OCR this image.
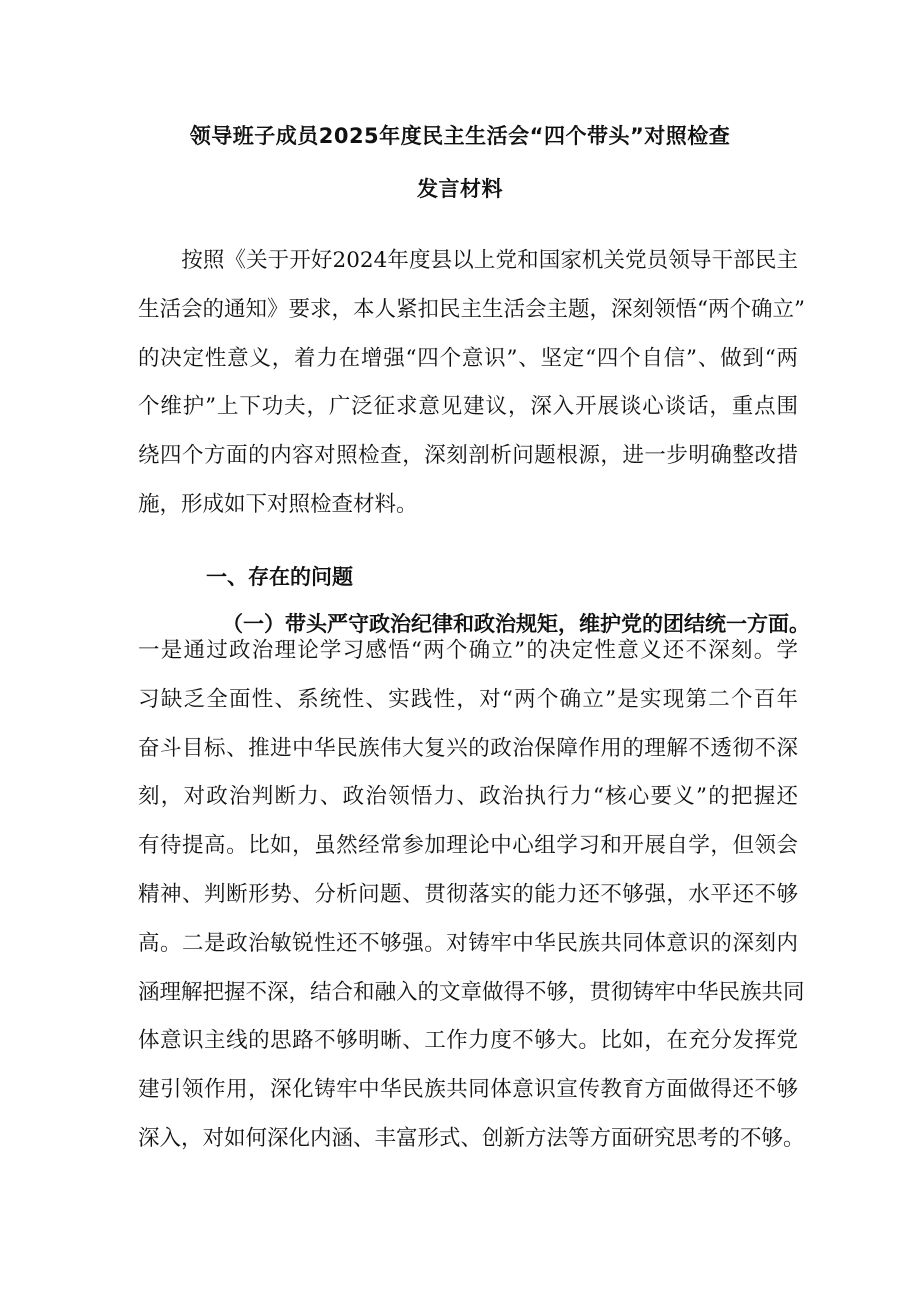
领导班子成员2025年度民主生活会“四个带头”对照检查
发言材料
　　按照《关于开好2024年度县以上党和国家机关党员领导干部民主
生活会的通知》要求，本人紧扣民主生活会主题，深刻领悟“两个确立”
的决定性意义，着力在增强“四个意识”、坚定“四个自信”、做到“两
个维护”上下功夫，广泛征求意见建议，深入开展谈心谈话，重点围
绕四个方面的内容对照检查，深刻剖析问题根源，进一步明确整改措
施，形成如下对照检查材料。
一、存在的问题
（一）带头严守政治纪律和政治规矩，维护党的团结统一方面。
一是通过政治理论学习感悟“两个确立”的决定性意义还不深刻。学
习缺乏全面性、系统性、实践性，对“两个确立”是实现第二个百年
奋斗目标、推进中华民族伟大复兴的政治保障作用的理解不透彻不深
刻，对政治判断力、政治领悟力、政治执行力“核心要义”的把握还
有待提高。比如，虽然经常参加理论中心组学习和开展自学，但领会
精神、判断形势、分析问题、贯彻落实的能力还不够强，水平还不够
高。二是政治敏锐性还不够强。对铸牢中华民族共同体意识的深刻内
涵理解把握不深，结合和融入的文章做得不够，贯彻铸牢中华民族共同
体意识主线的思路不够明晰、工作力度不够大。比如，在充分发挥党
建引领作用，深化铸牢中华民族共同体意识宣传教育方面做得还不够
深入，对如何深化内涵、丰富形式、创新方法等方面研究思考的不够。
